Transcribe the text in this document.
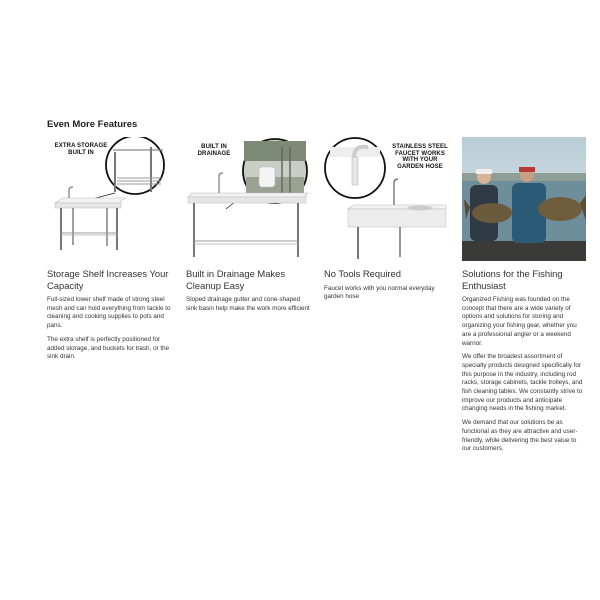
Even More Features
EXTRA STORAGE BUILT IN
Storage Shelf Increases Your Capacity

Full-sized lower shelf made of strong steel mesh and can hold everything from tackle to cleaning and cooking supplies to pots and pans.

The extra shelf is perfectly positioned for added storage, and buckets for trash, or the sink drain.

BUILT IN DRAINAGE
Built in Drainage Makes Cleanup Easy

Sloped drainage gutter and cone-shaped sink basin help make the work more efficient

STAINLESS STEEL FAUCET WORKS WITH YOUR GARDEN HOSE
No Tools Required

Faucet works with you normal everyday garden hose

Solutions for the Fishing Enthusiast

Organized Fishing was founded on the concept that there are a wide variety of options and solutions for storing and organizing your fishing gear, whether you are a professional angler or a weekend warrior.

We offer the broadest assortment of specialty products designed specifically for this purpose in the industry, including rod racks, storage cabinets, tackle trolleys, and fish cleaning tables. We constantly strive to improve our products and anticipate changing needs in the fishing market.

We demand that our solutions be as functional as they are attractive and user-friendly, while delivering the best value to our customers.
